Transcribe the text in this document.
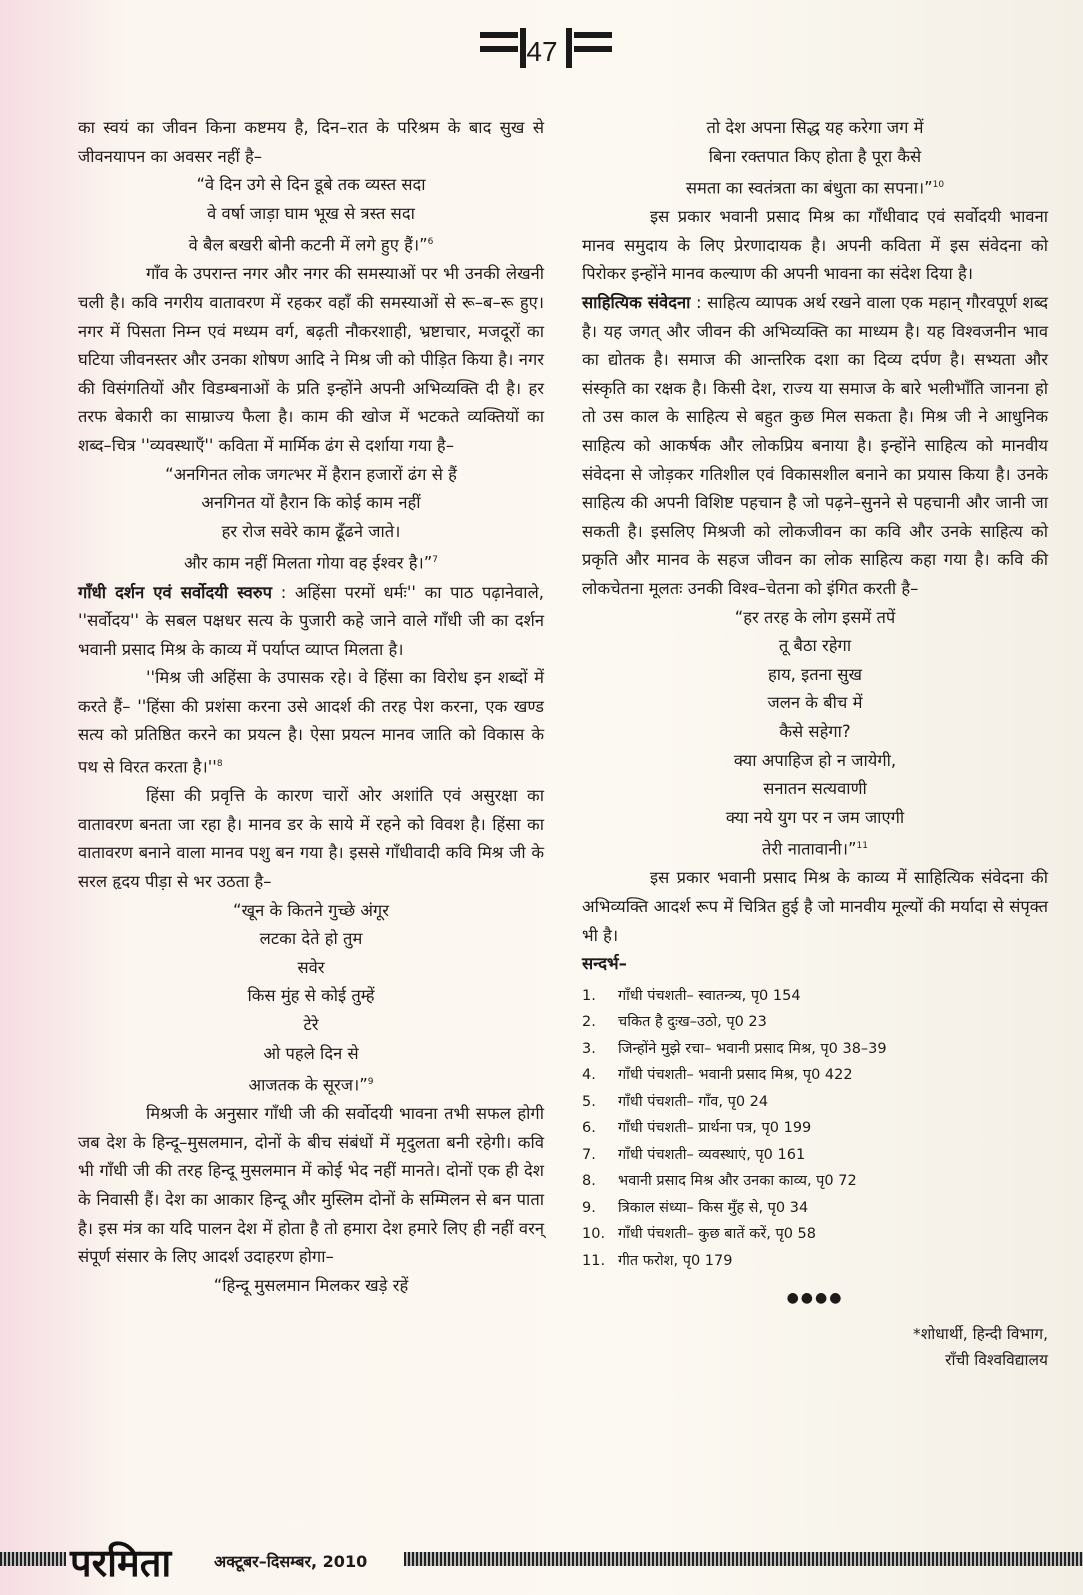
47

का स्वयं का जीवन किना कष्टमय है, दिन–रात के परिश्रम के बाद सुख से जीवनयापन का अवसर नहीं है–

“वे दिन उगे से दिन डूबे तक व्यस्त सदा
वे वर्षा जाड़ा घाम भूख से त्रस्त सदा
वे बैल बखरी बोनी कटनी में लगे हुए हैं।”$^6$

गाँव के उपरान्त नगर और नगर की समस्याओं पर भी उनकी लेखनी चली है। कवि नगरीय वातावरण में रहकर वहाँ की समस्याओं से रू–ब–रू हुए। नगर में पिसता निम्न एवं मध्यम वर्ग, बढ़ती नौकरशाही, भ्रष्टाचार, मजदूरों का घटिया जीवनस्तर और उनका शोषण आदि ने मिश्र जी को पीड़ित किया है। नगर की विसंगतियों और विडम्बनाओं के प्रति इन्होंने अपनी अभिव्यक्ति दी है। हर तरफ बेकारी का साम्राज्य फैला है। काम की खोज में भटकते व्यक्तियों का शब्द–चित्र ''व्यवस्थाएँ'' कविता में मार्मिक ढंग से दर्शाया गया है–

“अनगिनत लोक जगत्भर में हैरान हजारों ढंग से हैं
अनगिनत यों हैरान कि कोई काम नहीं
हर रोज सवेरे काम ढूँढने जाते।
और काम नहीं मिलता गोया वह ईश्वर है।”$^7$

गाँधी दर्शन एवं सर्वोदयी स्वरुप : अहिंसा परमों धर्मः'' का पाठ पढ़ानेवाले, ''सर्वोदय'' के सबल पक्षधर सत्य के पुजारी कहे जाने वाले गाँधी जी का दर्शन भवानी प्रसाद मिश्र के काव्य में पर्याप्त व्याप्त मिलता है।

''मिश्र जी अहिंसा के उपासक रहे। वे हिंसा का विरोध इन शब्दों में करते हैं– ''हिंसा की प्रशंसा करना उसे आदर्श की तरह पेश करना, एक खण्ड सत्य को प्रतिष्ठित करने का प्रयत्न है। ऐसा प्रयत्न मानव जाति को विकास के पथ से विरत करता $है।''^8$

हिंसा की प्रवृत्ति के कारण चारों ओर अशांति एवं असुरक्षा का वातावरण बनता जा रहा है। मानव डर के साये में रहने को विवश है। हिंसा का वातावरण बनाने वाला मानव पशु बन गया है। इससे गाँधीवादी कवि मिश्र जी के सरल हृदय पीड़ा से भर उठता है–

“खून के कितने गुच्छे अंगूर
लटका देते हो तुम
सवेर
किस मुंह से कोई तुम्हें
टेरे
ओ पहले दिन से
आजतक के सूरज।”$^9$

मिश्रजी के अनुसार गाँधी जी की सर्वोदयी भावना तभी सफल होगी जब देश के हिन्दू–मुसलमान, दोनों के बीच संबंधों में मृदुलता बनी रहेगी। कवि भी गाँधी जी की तरह हिन्दू मुसलमान में कोई भेद नहीं मानते। दोनों एक ही देश के निवासी हैं। देश का आकार हिन्दू और मुस्लिम दोनों के सम्मिलन से बन पाता है। इस मंत्र का यदि पालन देश में होता है तो हमारा देश हमारे लिए ही नहीं वरन् संपूर्ण संसार के लिए आदर्श उदाहरण होगा–

“हिन्दू मुसलमान मिलकर खड़े रहें
तो देश अपना सिद्ध यह करेगा जग में
बिना रक्तपात किए होता है पूरा कैसे
समता का स्वतंत्रता का बंधुता का सपना।”$^{10}$

इस प्रकार भवानी प्रसाद मिश्र का गाँधीवाद एवं सर्वोदयी भावना मानव समुदाय के लिए प्रेरणादायक है। अपनी कविता में इस संवेदना को पिरोकर इन्होंने मानव कल्याण की अपनी भावना का संदेश दिया है।

साहित्यिक संवेदना : साहित्य व्यापक अर्थ रखने वाला एक महान् गौरवपूर्ण शब्द है। यह जगत् और जीवन की अभिव्यक्ति का माध्यम है। यह विश्वजनीन भाव का द्योतक है। समाज की आन्तरिक दशा का दिव्य दर्पण है। सभ्यता और संस्कृति का रक्षक है। किसी देश, राज्य या समाज के बारे भलीभाँति जानना हो तो उस काल के साहित्य से बहुत कुछ मिल सकता है। मिश्र जी ने आधुनिक साहित्य को आकर्षक और लोकप्रिय बनाया है। इन्होंने साहित्य को मानवीय संवेदना से जोड़कर गतिशील एवं विकासशील बनाने का प्रयास किया है। उनके साहित्य की अपनी विशिष्ट पहचान है जो पढ़ने–सुनने से पहचानी और जानी जा सकती है। इसलिए मिश्रजी को लोकजीवन का कवि और उनके साहित्य को प्रकृति और मानव के सहज जीवन का लोक साहित्य कहा गया है। कवि की लोकचेतना मूलतः उनकी विश्व–चेतना को इंगित करती है–

“हर तरह के लोग इसमें तपें
तू बैठा रहेगा
हाय, इतना सुख
जलन के बीच में
कैसे सहेगा?
क्या अपाहिज हो न जायेगी,
सनातन सत्यवाणी
क्या नये युग पर न जम जाएगी
तेरी नातावानी।”$^{11}$

इस प्रकार भवानी प्रसाद मिश्र के काव्य में साहित्यिक संवेदना की अभिव्यक्ति आदर्श रूप में चित्रित हुई है जो मानवीय मूल्यों की मर्यादा से संपृक्त भी है।

सन्दर्भ–

1.	गाँधी पंचशती– स्वातन्त्र्य, पृ0 154
2.	चकित है दुःख–उठो, पृ0 23
3.	जिन्होंने मुझे रचा– भवानी प्रसाद मिश्र, पृ0 38–39
4.	गाँधी पंचशती– भवानी प्रसाद मिश्र, पृ0 422
5.	गाँधी पंचशती– गाँव, पृ0 24
6.	गाँधी पंचशती– प्रार्थना पत्र, पृ0 199
7.	गाँधी पंचशती– व्यवस्थाएं, पृ0 161
8.	भवानी प्रसाद मिश्र और उनका काव्य, पृ0 72
9.	त्रिकाल संध्या– किस मुँह से, पृ0 34
10. गाँधी पंचशती– कुछ बातें करें, पृ0 58
11. गीत फरोश, पृ0 179
●●●●
*शोधार्थी, हिन्दी विभाग,
राँची विश्वविद्यालय
परमिता	अक्टूबर–दिसम्बर, 2010
